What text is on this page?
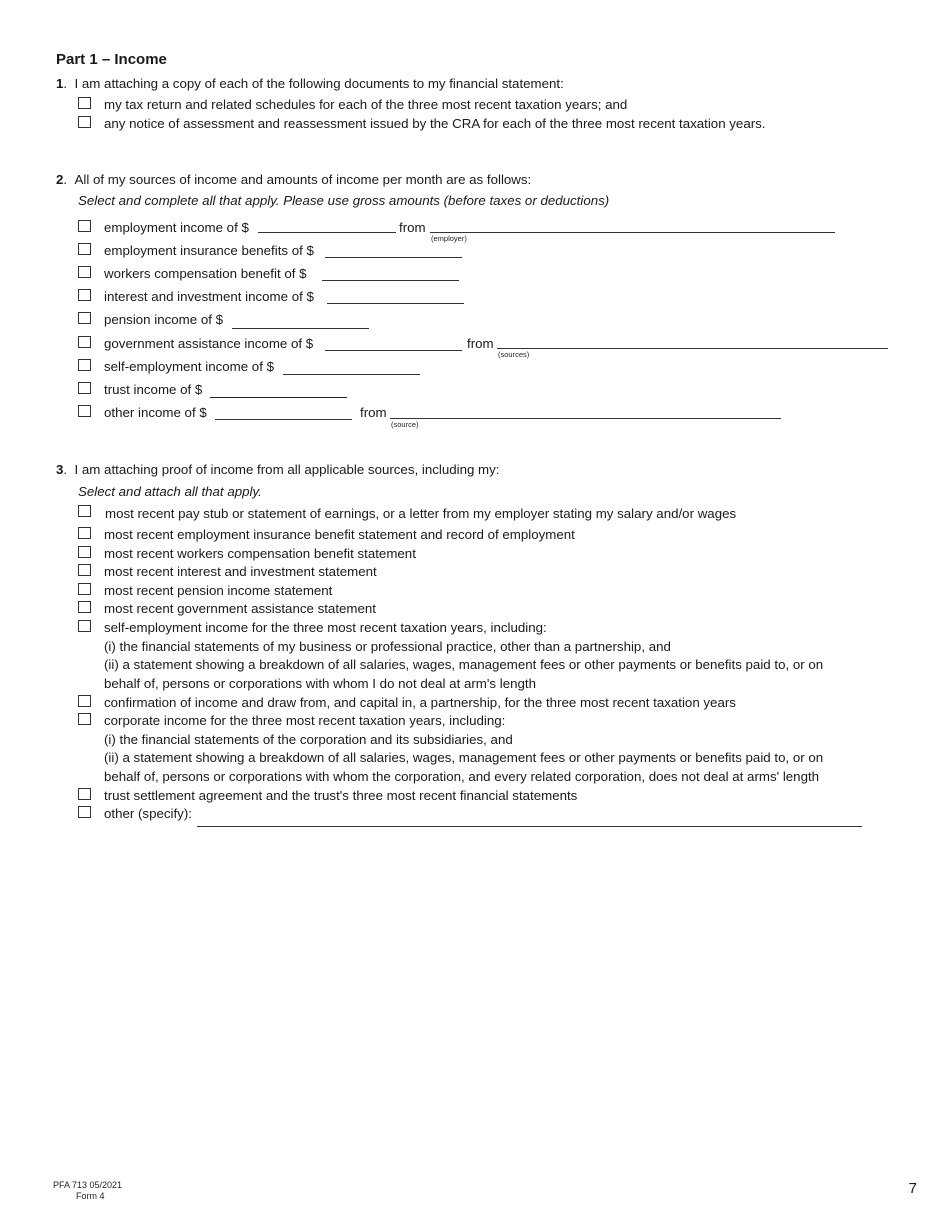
Part 1 – Income
1.  I am attaching a copy of each of the following documents to my financial statement:
my tax return and related schedules for each of the three most recent taxation years; and
any notice of assessment and reassessment issued by the CRA for each of the three most recent taxation years.
2.  All of my sources of income and amounts of income per month are as follows:
Select and complete all that apply. Please use gross amounts (before taxes or deductions)
employment income of $	from
(employer)
employment insurance benefits of $
workers compensation benefit of $
interest and investment income of $
pension income of $
government assistance income of $	from
(sources)
self-employment income of $
trust income of $
other income of $	from
(source)
3.  I am attaching proof of income from all applicable sources, including my:
Select and attach all that apply.
most recent pay stub or statement of earnings, or a letter from my employer stating my salary and/or wages
most recent employment insurance benefit statement and record of employment
most recent workers compensation benefit statement
most recent interest and investment statement
most recent pension income statement
most recent government assistance statement
self-employment income for the three most recent taxation years, including:
(i) the financial statements of my business or professional practice, other than a partnership, and
(ii) a statement showing a breakdown of all salaries, wages, management fees or other payments or benefits paid to, or on
behalf of, persons or corporations with whom I do not deal at arm's length
confirmation of income and draw from, and capital in, a partnership, for the three most recent taxation years
corporate income for the three most recent taxation years, including:
(i) the financial statements of the corporation and its subsidiaries, and
(ii) a statement showing a breakdown of all salaries, wages, management fees or other payments or benefits paid to, or on
behalf of, persons or corporations with whom the corporation, and every related corporation, does not deal at arms' length
trust settlement agreement and the trust's three most recent financial statements
other (specify):
PFA 713 05/2021
Form 4	7
